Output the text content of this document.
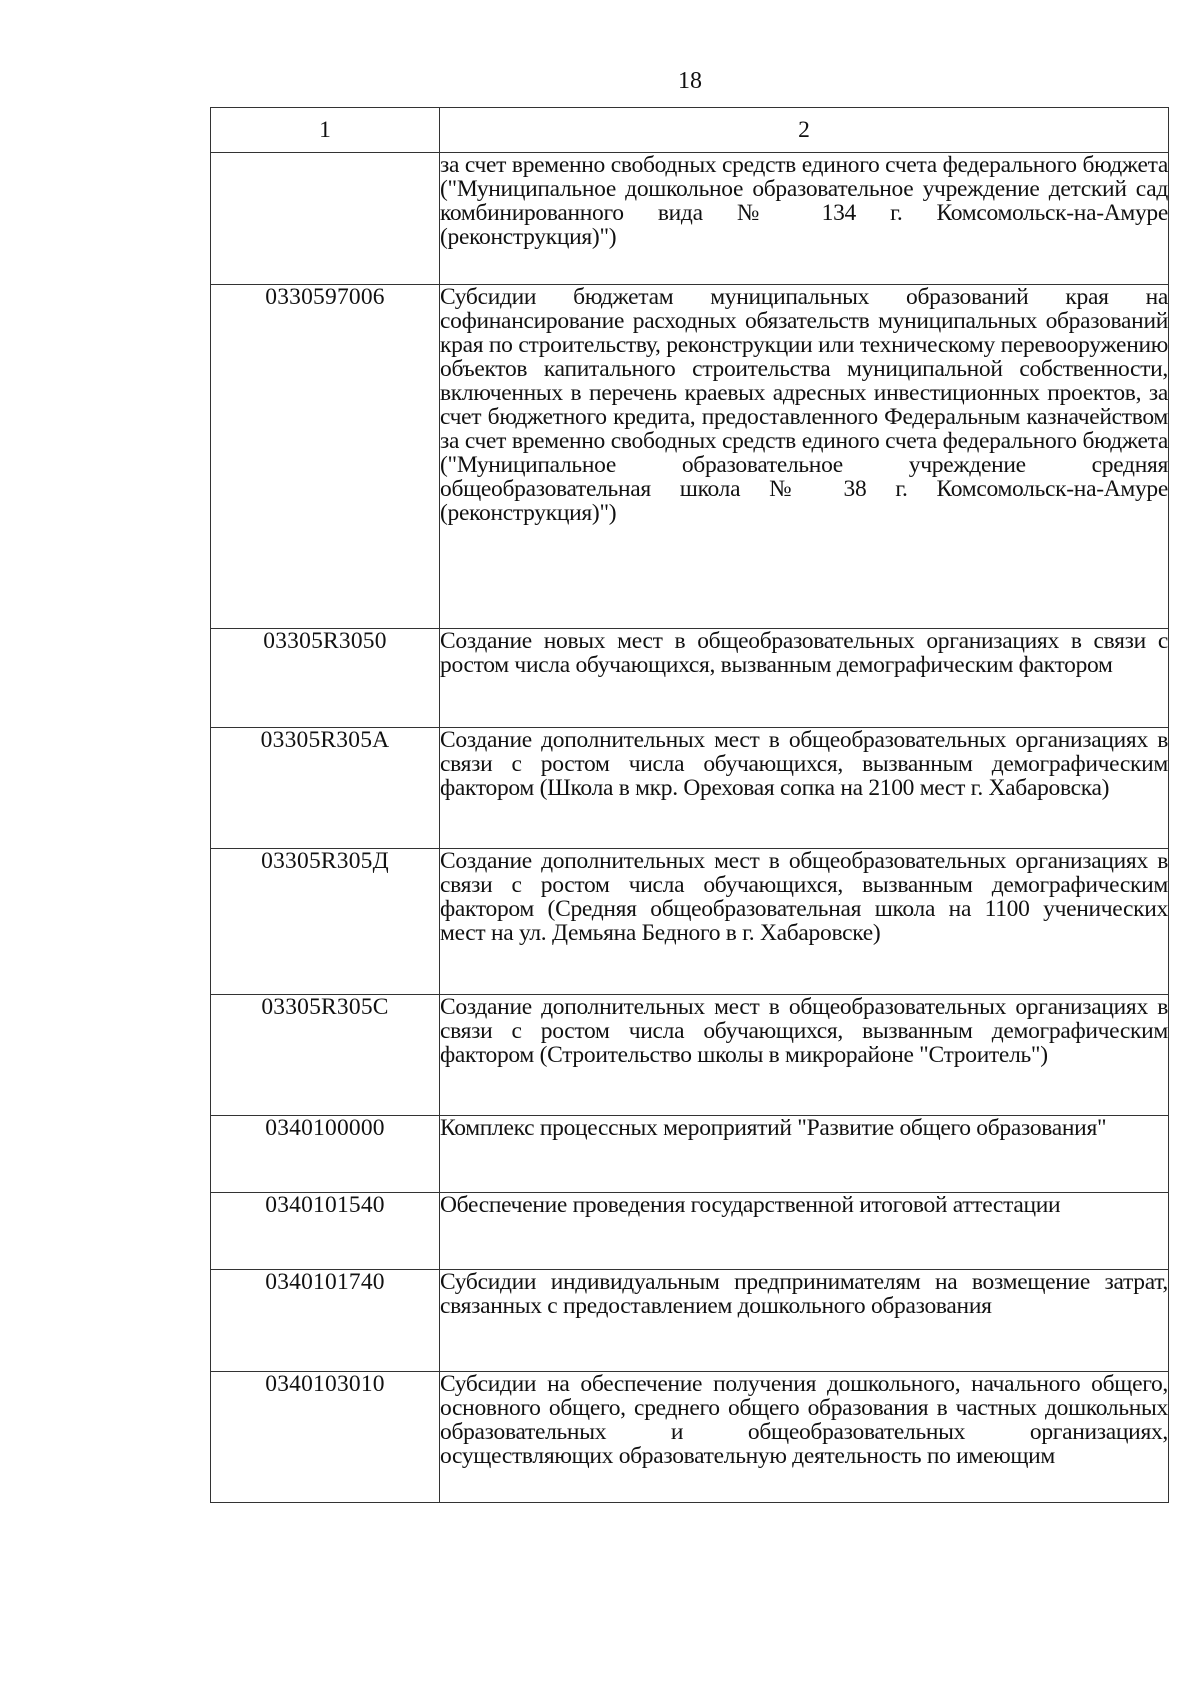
18
1	2
	за счет временно свободных средств единого счета федерального бюджета ("Муниципальное дошкольное образовательное учреждение детский сад комбинированного вида № 134 г. Комсомольск-на-Амуре (реконструкция)")
0330597006	Субсидии бюджетам муниципальных образований края на софинансирование расходных обязательств муниципальных образований края по строительству, реконструкции или техническому перевооружению объектов капитального строительства муниципальной собственности, включенных в перечень краевых адресных инвестиционных проектов, за счет бюджетного кредита, предоставленного Федеральным казначейством за счет временно свободных средств единого счета федерального бюджета ("Муниципальное образовательное учреждение средняя общеобразовательная школа № 38 г. Комсомольск-на-Амуре (реконструкция)")
03305R3050	Создание новых мест в общеобразовательных организациях в связи с ростом числа обучающихся, вызванным демографическим фактором
03305R305А	Создание дополнительных мест в общеобразовательных организациях в связи с ростом числа обучающихся, вызванным демографическим фактором (Школа в мкр. Ореховая сопка на 2100 мест г. Хабаровска)
03305R305Д	Создание дополнительных мест в общеобразовательных организациях в связи с ростом числа обучающихся, вызванным демографическим фактором (Средняя общеобразовательная школа на 1100 ученических мест на ул. Демьяна Бедного в г. Хабаровске)
03305R305С	Создание дополнительных мест в общеобразовательных организациях в связи с ростом числа обучающихся, вызванным демографическим фактором (Строительство школы в микрорайоне "Строитель")
0340100000	Комплекс процессных мероприятий "Развитие общего образования"
0340101540	Обеспечение проведения государственной итоговой аттестации
0340101740	Субсидии индивидуальным предпринимателям на возмещение затрат, связанных с предоставлением дошкольного образования
0340103010	Субсидии на обеспечение получения дошкольного, начального общего, основного общего, среднего общего образования в частных дошкольных образовательных и общеобразовательных организациях, осуществляющих образовательную деятельность по имеющим
